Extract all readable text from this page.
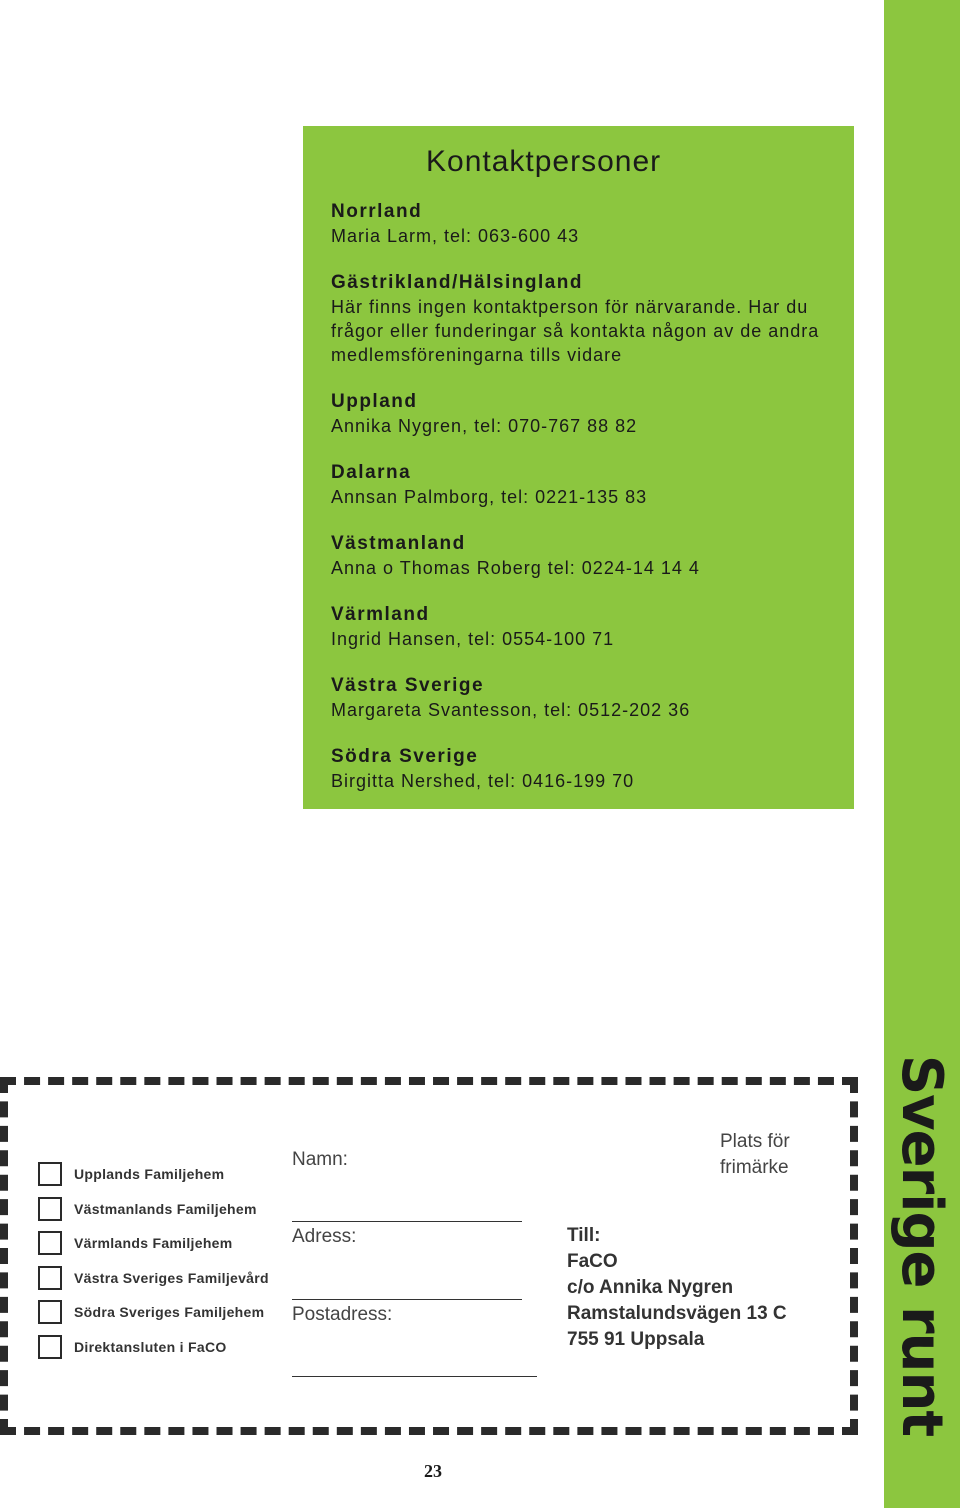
Sverige runt
Kontaktpersoner
Norrland
Maria Larm, tel: 063-600 43
Gästrikland/Hälsingland
Här finns ingen kontaktperson för närvarande. Har du frågor eller funderingar så kontakta någon av de andra medlemsföreningarna tills vidare
Uppland
Annika Nygren, tel: 070-767 88 82
Dalarna
Annsan Palmborg, tel: 0221-135 83
Västmanland
Anna o Thomas Roberg tel: 0224-14 14 4
Värmland
Ingrid Hansen, tel: 0554-100 71
Västra Sverige
Margareta Svantesson, tel: 0512-202 36
Södra Sverige
Birgitta Nershed, tel: 0416-199 70
Upplands Familjehem
Västmanlands Familjehem
Värmlands Familjehem
Västra Sveriges Familjevård
Södra Sveriges Familjehem
Direktansluten i FaCO
Namn:
Adress:
Postadress:
Plats för
frimärke
Till:
FaCO
c/o Annika Nygren
Ramstalundsvägen 13 C
755 91 Uppsala
23
